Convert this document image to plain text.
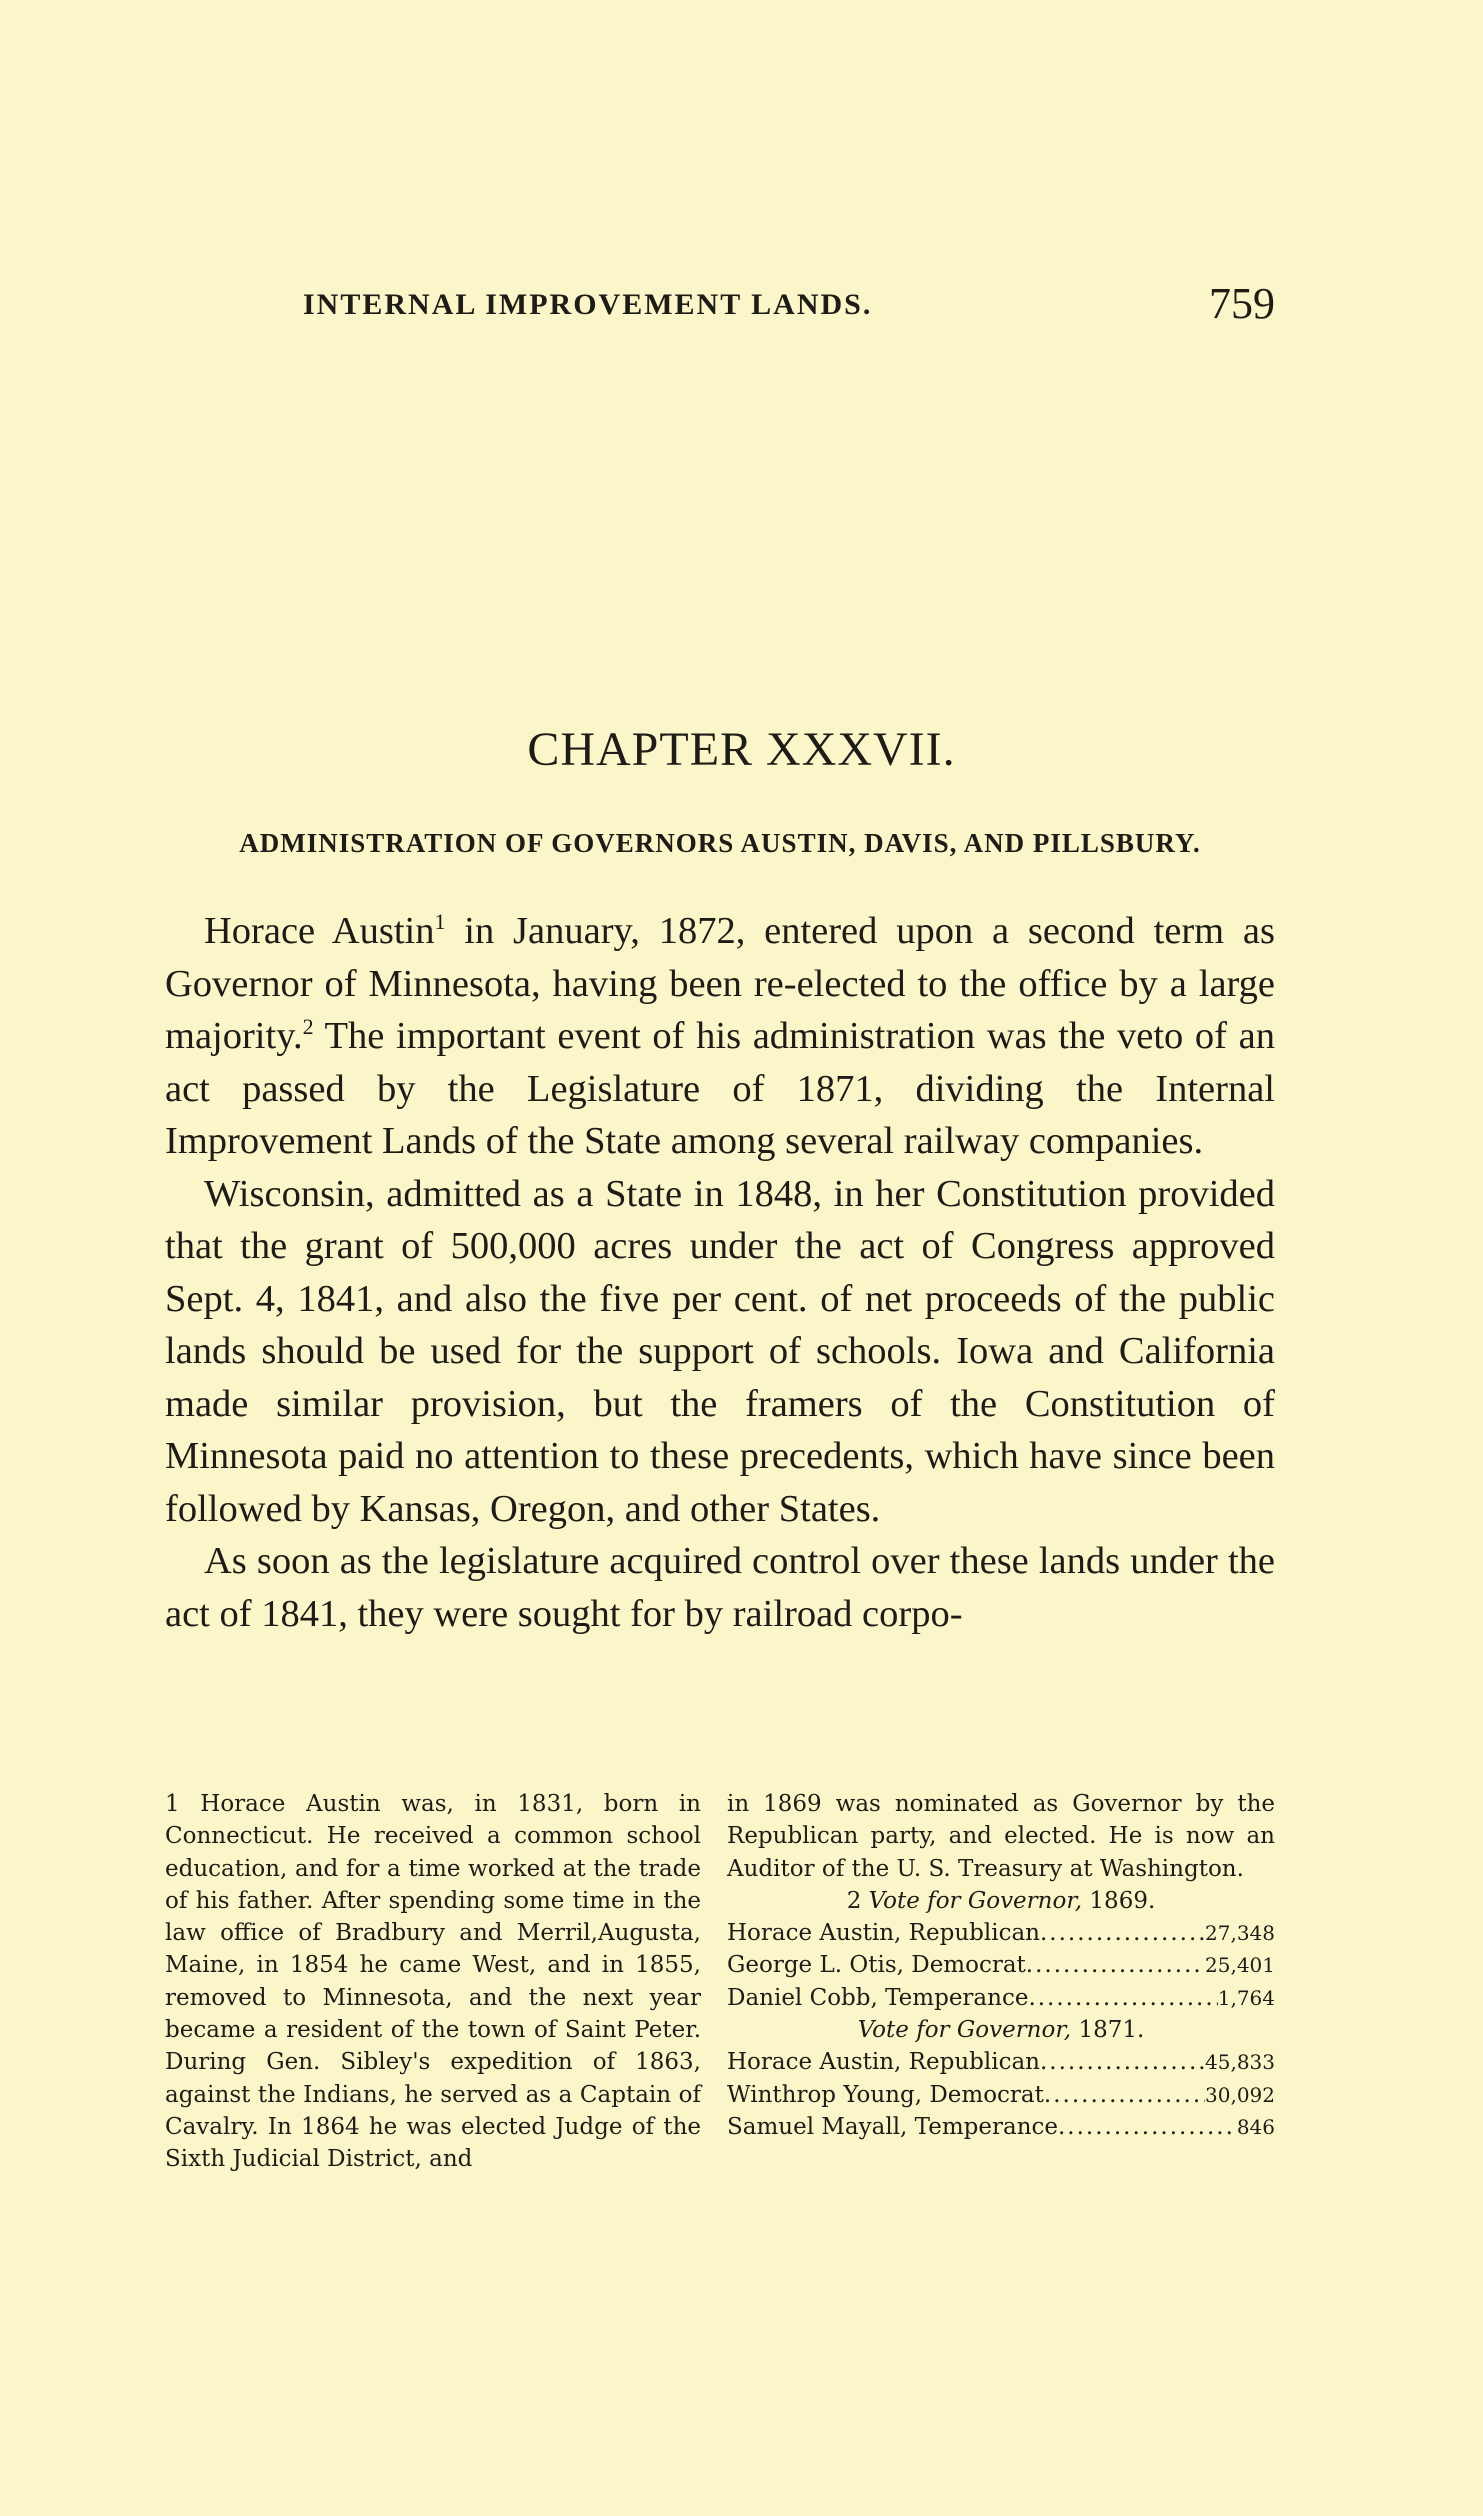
INTERNAL IMPROVEMENT LANDS.	759
CHAPTER XXXVII.
ADMINISTRATION OF GOVERNORS AUSTIN, DAVIS, AND PILLSBURY.

Horace Austin$^1$ in January, 1872, entered upon a second term as Governor of Minnesota, having been re-elected to the office by a large majority.$^2$ The important event of his administration was the veto of an act passed by the Legislature of 1871, dividing the Internal Improvement Lands of the State among several railway companies.

Wisconsin, admitted as a State in 1848, in her Constitution provided that the grant of 500,000 acres under the act of Congress approved Sept. 4, 1841, and also the five per cent. of net proceeds of the public lands should be used for the support of schools. Iowa and California made similar provision, but the framers of the Constitution of Minnesota paid no attention to these precedents, which have since been followed by Kansas, Oregon, and other States.

As soon as the legislature acquired control over these lands under the act of 1841, they were sought for by railroad corpo-

1 Horace Austin was, in 1831, born in Connecticut. He received a common school education, and for a time worked at the trade of his father. After spending some time in the law office of Bradbury and Merril,Augusta, Maine, in 1854 he came West, and in 1855, removed to Minnesota, and the next year became a resident of the town of Saint Peter. During Gen. Sibley's expedition of 1863, against the Indians, he served as a Captain of Cavalry. In 1864 he was elected Judge of the Sixth Judicial District, and

in 1869 was nominated as Governor by the Republican party, and elected. He is now an Auditor of the U. S. Treasury at Washington.

2 Vote for Governor, 1869.

Horace Austin, Republican .....	27,348
George L. Otis, Democrat .....	25,401
Daniel Cobb, Temperance .....	1,764

Vote for Governor, 1871.

Horace Austin, Republican .....	45,833
Winthrop Young, Democrat .....	30,092
Samuel Mayall, Temperance .....	846
